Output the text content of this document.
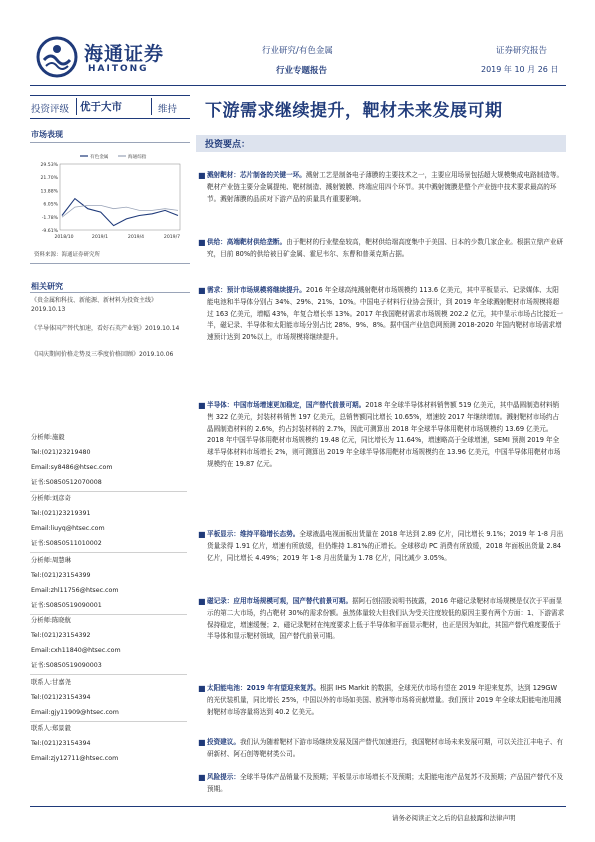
海通证券
HAITONG
行业研究/有色金属
行业专题报告
证券研究报告
2019 年 10 月 26 日
投资评级 优于大市	维持 下游需求继续提升，靶材未来发展可期
市场表现
29.53%
21.70%
13.88%
6.05%
-1.78%
-9.61%
2018/10	2019/1	2019/4	2019/7
有色金属	海通综指
资料来源：海通证券研究所
相关研究
《贵金属和科技、新能源、新材料为投资主线》2019.10.13
《半导体国产替代加速，看好石英产业链》2019.10.14
《国庆期间价格走势及三季度价格回顾》2019.10.06
分析师:施毅
Tel:(021)23219480
Email:sy8486@htsec.com
证书:S0850512070008
分析师:刘彦奇
Tel:(021)23219391
Email:liuyq@htsec.com
证书:S0850511010002
分析师:周慧琳
Tel:(021)23154399
Email:zhl11756@htsec.com
证书:S0850519090001
分析师:陈晓航
Tel:(021)23154392
Email:cxh11840@htsec.com
证书:S0850519090003
联系人:甘嘉尧
Tel:(021)23154394
Email:gjy11909@htsec.com
联系人:郑景毅
Tel:(021)23154394
Email:zjy12711@htsec.com
投资要点：
■ 溅射靶材：芯片制备的关键一环。溅射工艺是制备电子薄膜的主要技术之一，主要应用场景包括超大规模集成电路制造等。靶材产业链主要分金属提纯、靶材制造、溅射镀膜、终端应用四个环节。其中溅射镀膜是整个产业链中技术要求最高的环节。溅射薄膜的品质对下游产品的质量具有重要影响。
■ 供给：高端靶材供给垄断。由于靶材的行业壁垒较高，靶材供给端高度集中于美国、日本的少数几家企业。根据立鼎产业研究，目前 80%的供给被日矿金属、霍尼韦尔、东曹和普莱克斯占据。
■ 需求：预计市场规模将继续提升。2016 年全球高纯溅射靶材市场规模约 113.6 亿美元，其中平板显示、记录媒体、太阳能电池和半导体分别占 34%、29%、21%、10%。中国电子材料行业协会预计，到 2019 年全球溅射靶材市场规模将超过 163 亿美元，增幅 43%，年复合增长率 13%。2017 年我国靶材需求市场规模 202.2 亿元，其中显示市场占比接近一半，磁记录、半导体和太阳能市场分别占比 28%、9%、8%。据中国产业信息网预测 2018-2020 年国内靶材市场需求增速预计达到 20%以上，市场规模将继续提升。
■ 半导体：中国市场增速更加稳定，国产替代前景可期。2018 年全球半导体材料销售额 519 亿美元，其中晶圆制造材料销售 322 亿美元，封装材料销售 197 亿美元，总销售额同比增长 10.65%，增速较 2017 年继续增加。溅射靶材市场约占晶圆制造材料的 2.6%，约占封装材料的 2.7%，因此可测算出 2018 年全球半导体用靶材市场规模约 13.69 亿美元。2018 年中国半导体用靶材市场规模约 19.48 亿元，同比增长为 11.64%，增速略高于全球增速，SEMI 预测 2019 年全球半导体材料市场增长 2%，则可测算出 2019 年全球半导体用靶材市场规模约在 13.96 亿美元，中国半导体用靶材市场规模约在 19.87 亿元。
■ 平板显示：维持平稳增长态势。全球液晶电视面板出货量在 2018 年达到 2.89 亿片，同比增长 9.1%；2019 年 1-8 月出货量录得 1.91 亿片，增速有所放缓，但仍维持 1.81%的正增长。全球移动 PC 消费有所放缓，2018 年面板出货量 2.84 亿片，同比增长 4.49%；2019 年 1-8 月出货量为 1.78 亿片，同比减少 3.05%。
■ 磁记录：应用市场规模可观，国产替代前景可期。据阿石创招股说明书披露，2016 年磁记录靶材市场规模是仅次于平面显示的第二大市场，约占靶材 30%的需求份额。虽然体量较大但我们认为受关注度较低的原因主要有两个方面：1、下游需求保持稳定，增速缓慢；2、磁记录靶材在纯度要求上低于半导体和平面显示靶材，也正是因为如此，其国产替代难度要低于半导体和显示靶材领域，国产替代前景可期。
■ 太阳能电池：2019 年有望迎来复苏。根据 IHS Markit 的数据，全球光伏市场有望在 2019 年迎来复苏，达到 129GW 的光伏装机量，同比增长 25%，中国以外的市场如美国、欧洲等市场将贡献增量。我们预计 2019 年全球太阳能电池用溅射靶材市场容量将达到 40.2 亿美元。
■ 投资建议。我们认为随着靶材下游市场继续发展及国产替代加速进行，我国靶材市场未来发展可期，可以关注江丰电子、有研新材、阿石创等靶材类公司。
■ 风险提示：全球半导体产品销量不及预期；平板显示市场增长不及预期；太阳能电池产品复苏不及预期；产品国产替代不及预期。
请务必阅读正文之后的信息披露和法律声明
